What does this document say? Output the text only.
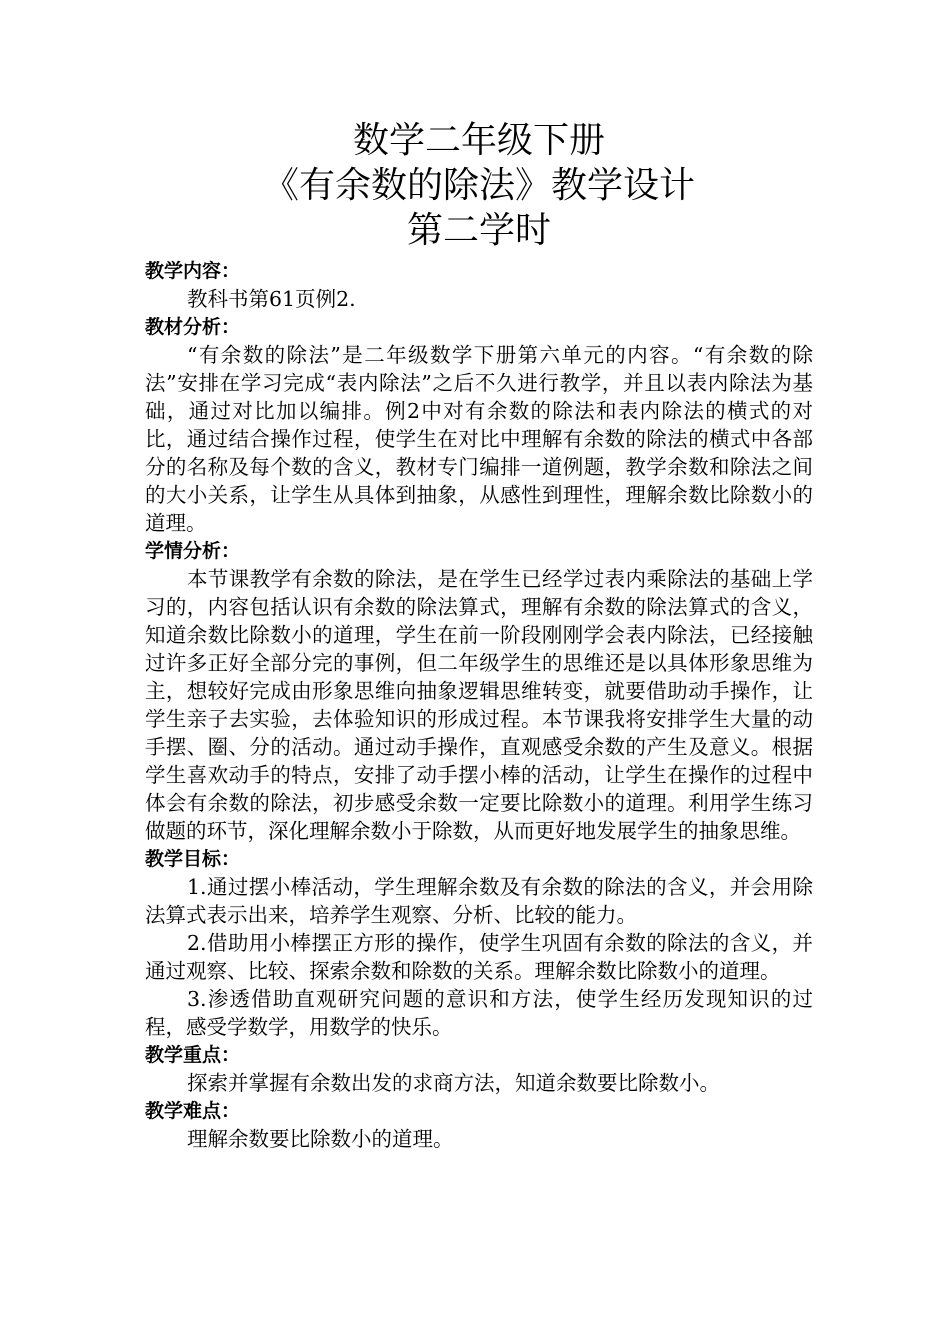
数学二年级下册
《有余数的除法》教学设计
第二学时

教学内容：

教科书第61页例2.

教材分析：

“有余数的除法”是二年级数学下册第六单元的内容。“有余数的除法”安排在学习完成“表内除法”之后不久进行教学，并且以表内除法为基础，通过对比加以编排。例2中对有余数的除法和表内除法的横式的对比，通过结合操作过程，使学生在对比中理解有余数的除法的横式中各部分的名称及每个数的含义，教材专门编排一道例题，教学余数和除法之间的大小关系，让学生从具体到抽象，从感性到理性，理解余数比除数小的道理。

学情分析：

本节课教学有余数的除法，是在学生已经学过表内乘除法的基础上学习的，内容包括认识有余数的除法算式，理解有余数的除法算式的含义，知道余数比除数小的道理，学生在前一阶段刚刚学会表内除法，已经接触过许多正好全部分完的事例，但二年级学生的思维还是以具体形象思维为主，想较好完成由形象思维向抽象逻辑思维转变，就要借助动手操作，让学生亲子去实验，去体验知识的形成过程。本节课我将安排学生大量的动手摆、圈、分的活动。通过动手操作，直观感受余数的产生及意义。根据学生喜欢动手的特点，安排了动手摆小棒的活动，让学生在操作的过程中体会有余数的除法，初步感受余数一定要比除数小的道理。利用学生练习做题的环节，深化理解余数小于除数，从而更好地发展学生的抽象思维。

教学目标：

1.通过摆小棒活动，学生理解余数及有余数的除法的含义，并会用除法算式表示出来，培养学生观察、分析、比较的能力。

2.借助用小棒摆正方形的操作，使学生巩固有余数的除法的含义，并通过观察、比较、探索余数和除数的关系。理解余数比除数小的道理。

3.渗透借助直观研究问题的意识和方法，使学生经历发现知识的过程，感受学数学，用数学的快乐。

教学重点：

探索并掌握有余数出发的求商方法，知道余数要比除数小。

教学难点：

理解余数要比除数小的道理。
